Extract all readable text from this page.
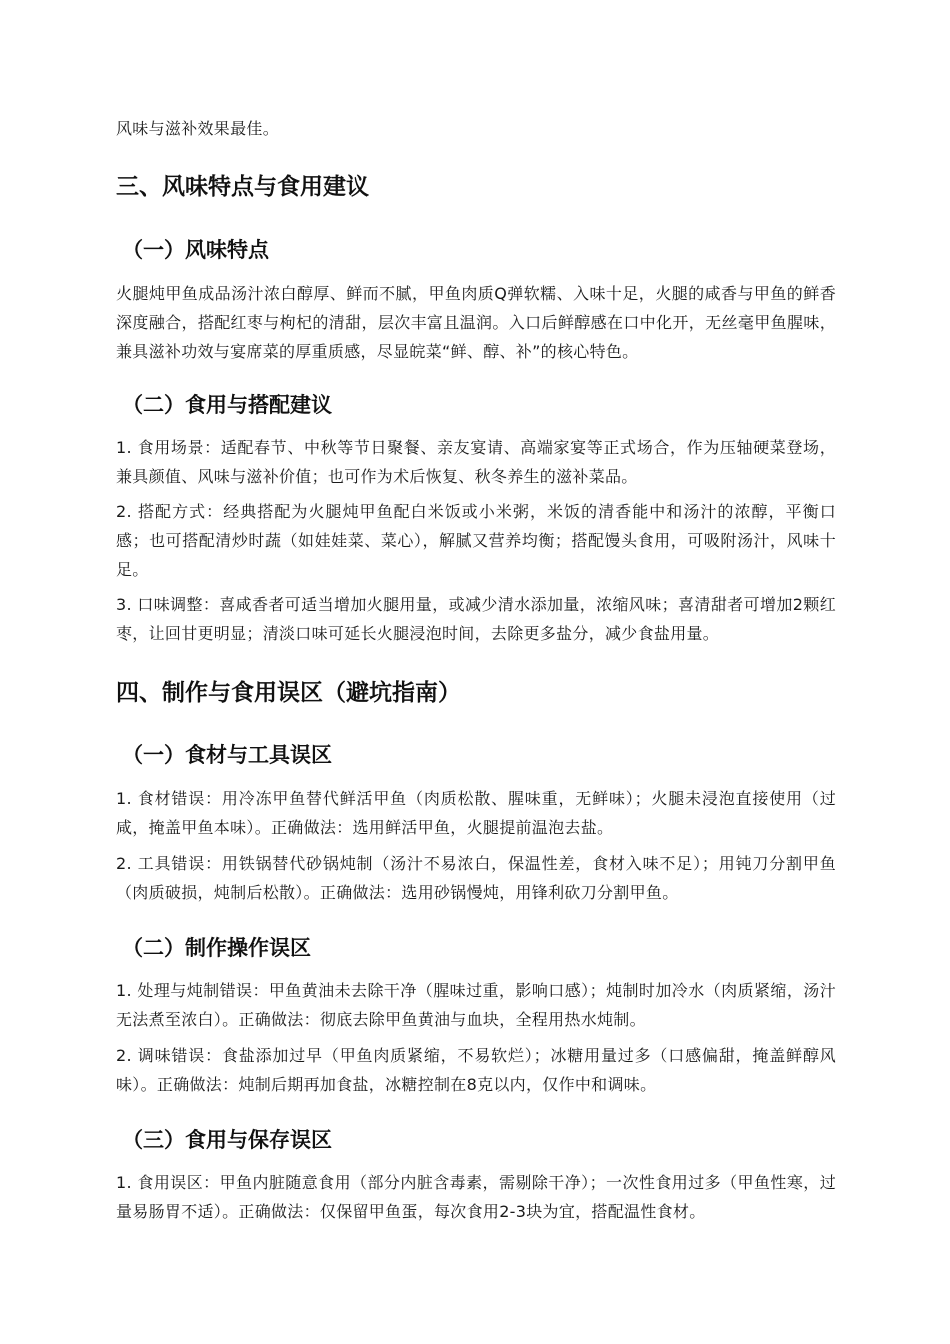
风味与滋补效果最佳。

三、风味特点与食用建议
（一）风味特点

火腿炖甲鱼成品汤汁浓白醇厚、鲜而不腻，甲鱼肉质Q弹软糯、入味十足，火腿的咸香与甲鱼的鲜香深度融合，搭配红枣与枸杞的清甜，层次丰富且温润。入口后鲜醇感在口中化开，无丝毫甲鱼腥味，兼具滋补功效与宴席菜的厚重质感，尽显皖菜“鲜、醇、补”的核心特色。

（二）食用与搭配建议

1. 食用场景：适配春节、中秋等节日聚餐、亲友宴请、高端家宴等正式场合，作为压轴硬菜登场，兼具颜值、风味与滋补价值；也可作为术后恢复、秋冬养生的滋补菜品。

2. 搭配方式：经典搭配为火腿炖甲鱼配白米饭或小米粥，米饭的清香能中和汤汁的浓醇，平衡口感；也可搭配清炒时蔬（如娃娃菜、菜心），解腻又营养均衡；搭配馒头食用，可吸附汤汁，风味十足。

3. 口味调整：喜咸香者可适当增加火腿用量，或减少清水添加量，浓缩风味；喜清甜者可增加2颗红枣，让回甘更明显；清淡口味可延长火腿浸泡时间，去除更多盐分，减少食盐用量。

四、制作与食用误区（避坑指南）
（一）食材与工具误区

1. 食材错误：用冷冻甲鱼替代鲜活甲鱼（肉质松散、腥味重，无鲜味）；火腿未浸泡直接使用（过咸，掩盖甲鱼本味）。正确做法：选用鲜活甲鱼，火腿提前温泡去盐。

2. 工具错误：用铁锅替代砂锅炖制（汤汁不易浓白，保温性差，食材入味不足）；用钝刀分割甲鱼（肉质破损，炖制后松散）。正确做法：选用砂锅慢炖，用锋利砍刀分割甲鱼。

（二）制作操作误区

1. 处理与炖制错误：甲鱼黄油未去除干净（腥味过重，影响口感）；炖制时加冷水（肉质紧缩，汤汁无法煮至浓白）。正确做法：彻底去除甲鱼黄油与血块，全程用热水炖制。

2. 调味错误：食盐添加过早（甲鱼肉质紧缩，不易软烂）；冰糖用量过多（口感偏甜，掩盖鲜醇风味）。正确做法：炖制后期再加食盐，冰糖控制在8克以内，仅作中和调味。

（三）食用与保存误区

1. 食用误区：甲鱼内脏随意食用（部分内脏含毒素，需剔除干净）；一次性食用过多（甲鱼性寒，过量易肠胃不适）。正确做法：仅保留甲鱼蛋，每次食用2-3块为宜，搭配温性食材。
